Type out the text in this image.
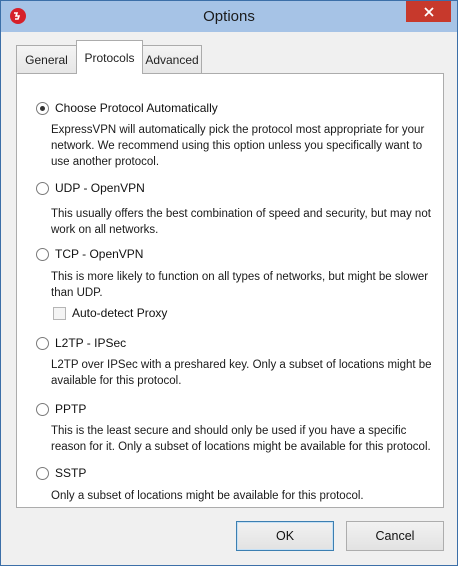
Options
General	Protocols Advanced
Choose Protocol Automatically
ExpressVPN will automatically pick the protocol most appropriate for your network. We recommend using this option unless you specifically want to use another protocol.
UDP - OpenVPN
This usually offers the best combination of speed and security, but may not work on all networks.
TCP - OpenVPN
This is more likely to function on all types of networks, but might be slower than UDP.
Auto-detect Proxy
L2TP - IPSec
L2TP over IPSec with a preshared key. Only a subset of locations might be available for this protocol.
PPTP
This is the least secure and should only be used if you have a specific reason for it. Only a subset of locations might be available for this protocol.
SSTP
Only a subset of locations might be available for this protocol.
OK	Cancel
